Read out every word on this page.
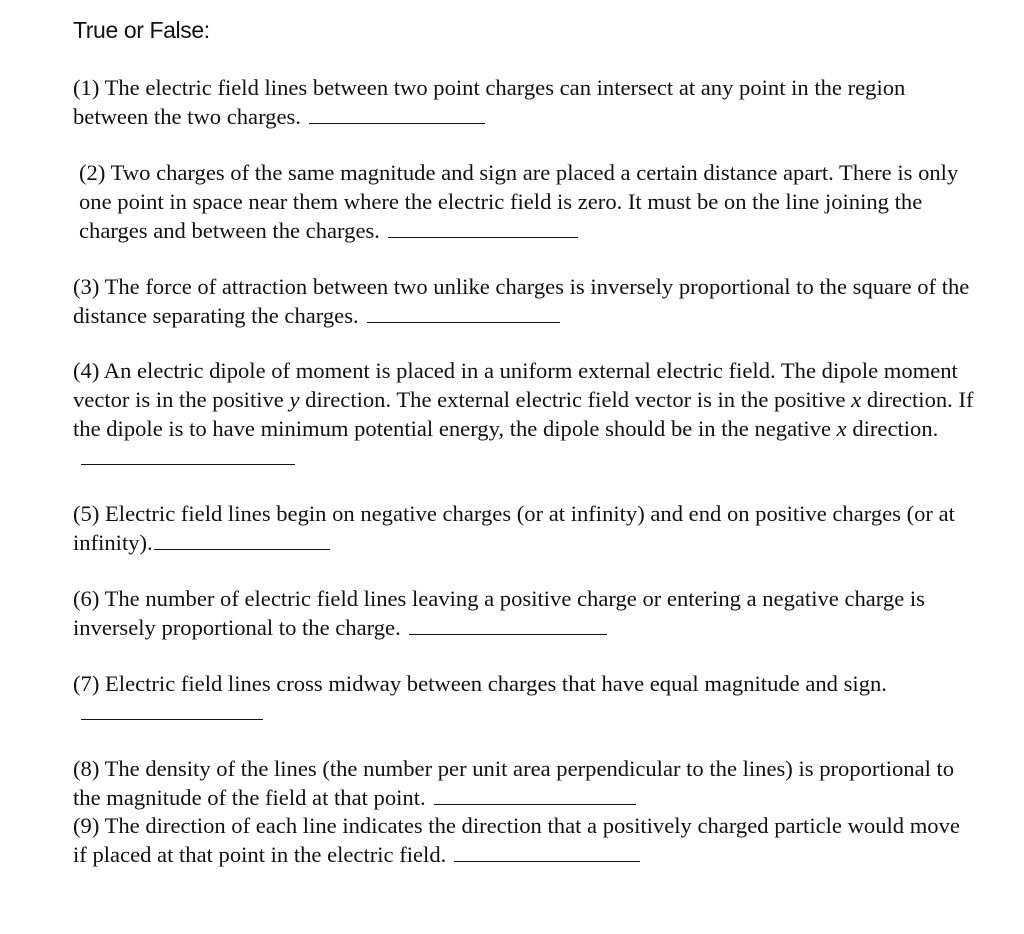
True or False:

(1) The electric field lines between two point charges can intersect at any point in the region between the two charges.

(2) Two charges of the same magnitude and sign are placed a certain distance apart. There is only one point in space near them where the electric field is zero. It must be on the line joining the charges and between the charges.

(3) The force of attraction between two unlike charges is inversely proportional to the square of the distance separating the charges.

(4) An electric dipole of moment is placed in a uniform external electric field. The dipole moment vector is in the positive y direction. The external electric field vector is in the positive x direction. If the dipole is to have minimum potential energy, the dipole should be in the negative x direction.

(5) Electric field lines begin on negative charges (or at infinity) and end on positive charges (or at infinity).

(6) The number of electric field lines leaving a positive charge or entering a negative charge is inversely proportional to the charge.

(7) Electric field lines cross midway between charges that have equal magnitude and sign.

(8) The density of the lines (the number per unit area perpendicular to the lines) is proportional to the magnitude of the field at that point.

(9) The direction of each line indicates the direction that a positively charged particle would move if placed at that point in the electric field.
